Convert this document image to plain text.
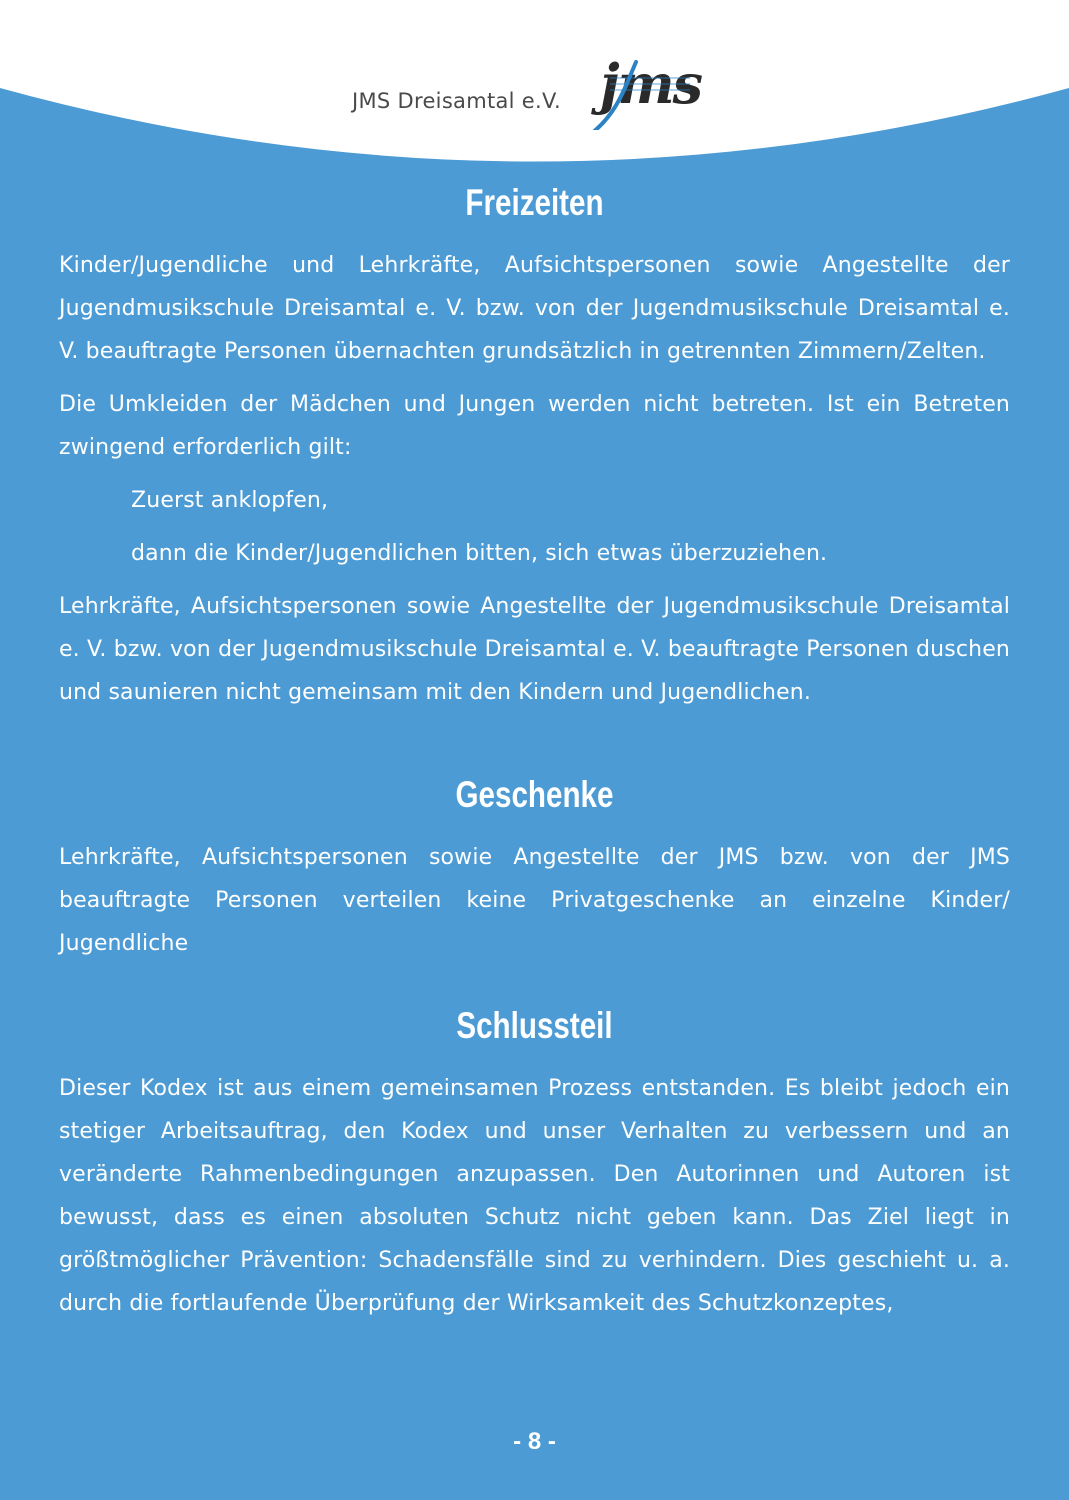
JMS Dreisamtal e.V. jms
Freizeiten

Kinder/Jugendliche und Lehrkräfte, Aufsichtspersonen sowie Angestellte der Jugendmusikschule Dreisamtal e. V. bzw. von der Jugendmusikschule Dreisamtal e. V. beauftragte Personen übernachten grundsätzlich in getrennten Zimmern/Zelten.

Die Umkleiden der Mädchen und Jungen werden nicht betreten. Ist ein Betreten zwingend erforderlich gilt:

Zuerst anklopfen,

dann die Kinder/Jugendlichen bitten, sich etwas überzuziehen.

Lehrkräfte, Aufsichtspersonen sowie Angestellte der Jugendmusikschule Dreisamtal e. V. bzw. von der Jugendmusikschule Dreisamtal e. V. beauftragte Personen duschen und saunieren nicht gemeinsam mit den Kindern und Jugendlichen.

Geschenke

Lehrkräfte, Aufsichtspersonen sowie Angestellte der JMS bzw. von der JMS beauftragte Personen verteilen keine Privatgeschenke an einzelne Kinder/ Jugendliche

Schlussteil

Dieser Kodex ist aus einem gemeinsamen Prozess entstanden. Es bleibt jedoch ein stetiger Arbeitsauftrag, den Kodex und unser Verhalten zu verbessern und an veränderte Rahmenbedingungen anzupassen. Den Autorinnen und Autoren ist bewusst, dass es einen absoluten Schutz nicht geben kann. Das Ziel liegt in größtmöglicher Prävention: Schadensfälle sind zu verhindern. Dies geschieht u. a. durch die fortlaufende Überprüfung der Wirksamkeit des Schutzkonzeptes,

- 8 -
